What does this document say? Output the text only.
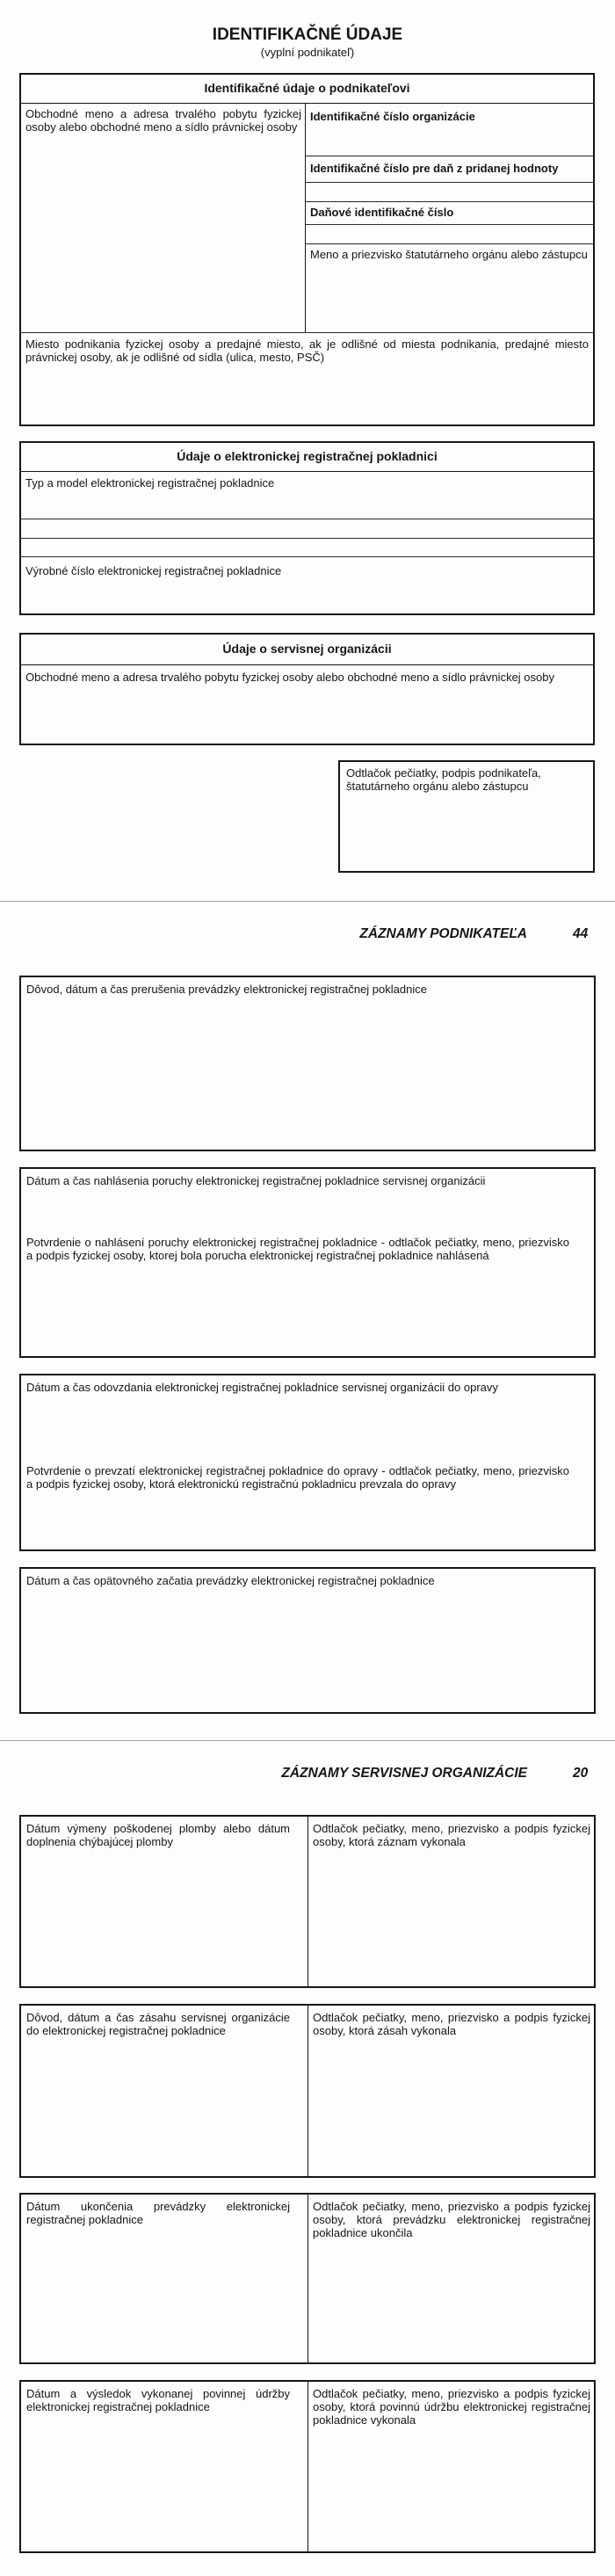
IDENTIFIKAČNÉ ÚDAJE
(vyplní podnikateľ)
Identifikačné údaje o podnikateľovi
Obchodné meno a adresa trvalého pobytu fyzickej osoby alebo obchodné meno a sídlo právnickej osoby
Identifikačné číslo organizácie
Identifikačné číslo pre daň z pridanej hodnoty
Daňové identifikačné číslo
Meno a priezvisko štatutárneho orgánu alebo zástupcu
Miesto podnikania fyzickej osoby a predajné miesto, ak je odlišné od miesta podnikania, predajné miesto právnickej osoby, ak je odlišné od sídla (ulica, mesto, PSČ)
Údaje o elektronickej registračnej pokladnici
Typ a model elektronickej registračnej pokladnice
Výrobné číslo elektronickej registračnej pokladnice
Údaje o servisnej organizácii
Obchodné meno a adresa trvalého pobytu fyzickej osoby alebo obchodné meno a sídlo právnickej osoby
Odtlačok pečiatky, podpis podnikateľa, štatutárneho orgánu alebo zástupcu
ZÁZNAMY PODNIKATEĽA	44
Dôvod, dátum a čas prerušenia prevádzky elektronickej registračnej pokladnice
Dátum a čas nahlásenia poruchy elektronickej registračnej pokladnice servisnej organizácii
Potvrdenie o nahlásení poruchy elektronickej registračnej pokladnice - odtlačok pečiatky, meno, priezvisko a podpis fyzickej osoby, ktorej bola porucha elektronickej registračnej pokladnice nahlásená
Dátum a čas odovzdania elektronickej registračnej pokladnice servisnej organizácii do opravy
Potvrdenie o prevzatí elektronickej registračnej pokladnice do opravy - odtlačok pečiatky, meno, priezvisko a podpis fyzickej osoby, ktorá elektronickú registračnú pokladnicu prevzala do opravy
Dátum a čas opätovného začatia prevádzky elektronickej registračnej pokladnice
ZÁZNAMY SERVISNEJ ORGANIZÁCIE	20
Dátum výmeny poškodenej plomby alebo dátum doplnenia chýbajúcej plomby
Odtlačok pečiatky, meno, priezvisko a podpis fyzickej osoby, ktorá záznam vykonala
Dôvod, dátum a čas zásahu servisnej organizácie do elektronickej registračnej pokladnice
Odtlačok pečiatky, meno, priezvisko a podpis fyzickej osoby, ktorá zásah vykonala
Dátum ukončenia prevádzky elektronickej registračnej pokladnice
Odtlačok pečiatky, meno, priezvisko a podpis fyzickej osoby, ktorá prevádzku elektronickej registračnej pokladnice ukončila
Dátum a výsledok vykonanej povinnej údržby elektronickej registračnej pokladnice
Odtlačok pečiatky, meno, priezvisko a podpis fyzickej osoby, ktorá povinnú údržbu elektronickej registračnej pokladnice vykonala
